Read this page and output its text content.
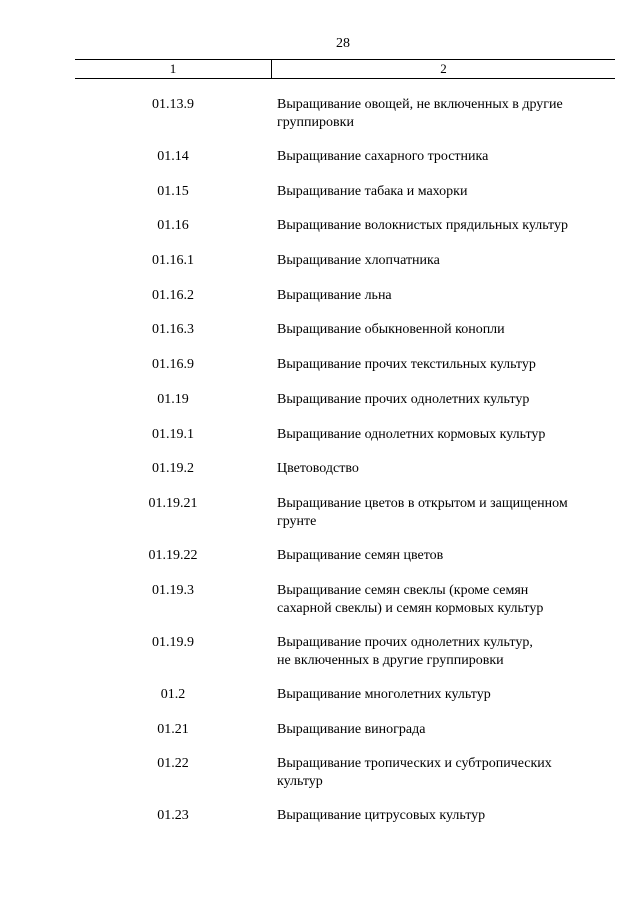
28
1	2
01.13.9	Выращивание овощей, не включенных в другие
группировки
01.14	Выращивание сахарного тростника
01.15	Выращивание табака и махорки
01.16	Выращивание волокнистых прядильных культур
01.16.1	Выращивание хлопчатника
01.16.2	Выращивание льна
01.16.3	Выращивание обыкновенной конопли
01.16.9	Выращивание прочих текстильных культур
01.19	Выращивание прочих однолетних культур
01.19.1	Выращивание однолетних кормовых культур
01.19.2	Цветоводство
01.19.21	Выращивание цветов в открытом и защищенном
грунте
01.19.22	Выращивание семян цветов
01.19.3	Выращивание семян свеклы (кроме семян
сахарной свеклы) и семян кормовых культур
01.19.9	Выращивание прочих однолетних культур,
не включенных в другие группировки
01.2	Выращивание многолетних культур
01.21	Выращивание винограда
01.22	Выращивание тропических и субтропических
культур
01.23	Выращивание цитрусовых культур
